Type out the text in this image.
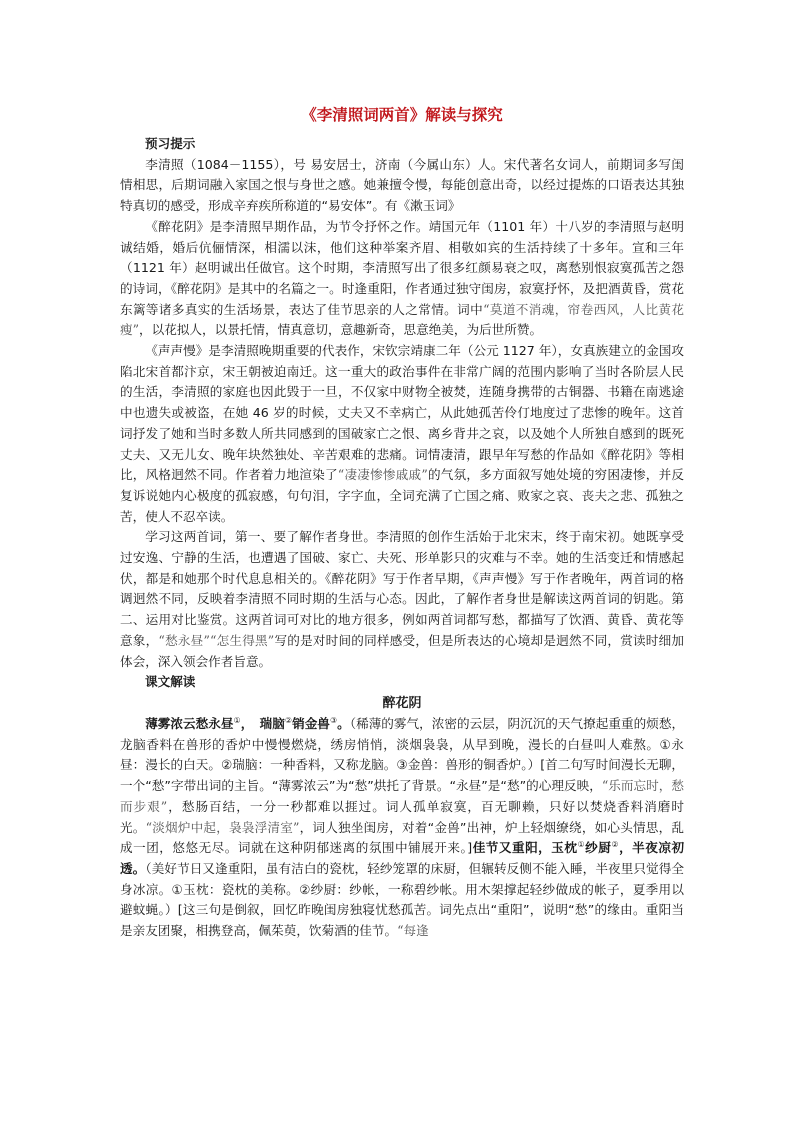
《李清照词两首》解读与探究

预习提示

李清照（1084－1155），号 易安居士，济南（今属山东）人。宋代著名女词人，前期词多写闺情相思，后期词融入家国之恨与身世之感。她兼擅令慢，每能创意出奇，以经过提炼的口语表达其独特真切的感受，形成辛弃疾所称道的“易安体”。有《漱玉词》

《醉花阴》是李清照早期作品，为节令抒怀之作。靖国元年（1101 年）十八岁的李清照与赵明诚结婚，婚后伉俪情深，相濡以沫，他们这种举案齐眉、相敬如宾的生活持续了十多年。宣和三年（1121 年）赵明诚出任做官。这个时期，李清照写出了很多红颜易衰之叹，离愁别恨寂寞孤苦之怨的诗词，《醉花阴》是其中的名篇之一。时逢重阳，作者通过独守闺房，寂寞抒怀，及把酒黄昏，赏花东篱等诸多真实的生活场景，表达了佳节思亲的人之常情。词中“莫道不消魂，帘卷西风，人比黄花瘦”，以花拟人，以景托情，情真意切，意趣新奇，思意绝美，为后世所赞。

《声声慢》是李清照晚期重要的代表作，宋钦宗靖康二年（公元 1127 年），女真族建立的金国攻陷北宋首都汴京，宋王朝被迫南迁。这一重大的政治事件在非常广阔的范围内影响了当时各阶层人民的生活，李清照的家庭也因此毁于一旦，不仅家中财物全被焚，连随身携带的古铜器、书籍在南逃途中也遗失或被盗，在她 46 岁的时候，丈夫又不幸病亡，从此她孤苦伶仃地度过了悲惨的晚年。这首词抒发了她和当时多数人所共同感到的国破家亡之恨、离乡背井之哀，以及她个人所独自感到的既死丈夫、又无儿女、晚年块然独处、辛苦艰难的悲痛。词情凄清，跟早年写愁的作品如《醉花阴》等相比，风格迥然不同。作者着力地渲染了“凄凄惨惨戚戚”的气氛，多方面叙写她处境的穷困凄惨，并反复诉说她内心极度的孤寂感，句句泪，字字血，全词充满了亡国之痛、败家之哀、丧夫之悲、孤独之苦，使人不忍卒读。

学习这两首词，第一、要了解作者身世。李清照的创作生活始于北宋末，终于南宋初。她既享受过安逸、宁静的生活，也遭遇了国破、家亡、夫死、形单影只的灾难与不幸。她的生活变迁和情感起伏，都是和她那个时代息息相关的。《醉花阴》写于作者早期，《声声慢》写于作者晚年，两首词的格调迥然不同，反映着李清照不同时期的生活与心态。因此，了解作者身世是解读这两首词的钥匙。第二、运用对比鉴赏。这两首词可对比的地方很多，例如两首词都写愁，都描写了饮酒、黄昏、黄花等意象，“愁永昼”“怎生得黑”写的是对时间的同样感受，但是所表达的心境却是迥然不同，赏读时细加体会，深入领会作者旨意。

课文解读

醉花阴

薄雾浓云愁永昼①，　瑞脑②销金兽③。（稀薄的雾气，浓密的云层，阴沉沉的天气撩起重重的烦愁，龙脑香料在兽形的香炉中慢慢燃烧，绣房悄悄，淡烟袅袅，从早到晚，漫长的白昼叫人难熬。①永昼：漫长的白天。②瑞脑：一种香料，又称龙脑。③金兽：兽形的铜香炉。）[首二句写时间漫长无聊，一个“愁”字带出词的主旨。“薄雾浓云”为“愁”烘托了背景。“永昼”是“愁”的心理反映，“乐而忘时，愁而步艰”，愁肠百结，一分一秒都难以捱过。词人孤单寂寞，百无聊赖，只好以焚烧香料消磨时光。“淡烟炉中起，袅袅浮清室”，词人独坐闺房，对着“金兽”出神，炉上轻烟缭绕，如心头情思，乱成一团，悠悠无尽。词就在这种阴郁迷离的氛围中铺展开来。]佳节又重阳，玉枕①纱厨②，半夜凉初透。（美好节日又逢重阳，虽有洁白的瓷枕，轻纱笼罩的床厨，但辗转反侧不能入睡，半夜里只觉得全身冰凉。①玉枕：瓷枕的美称。②纱厨：纱帐，一称碧纱帐。用木架撑起轻纱做成的帐子，夏季用以避蚊蝇。）[这三句是倒叙，回忆昨晚闺房独寝忧愁孤苦。词先点出“重阳”，说明“愁”的缘由。重阳当是亲友团聚，相携登高，佩茱萸，饮菊酒的佳节。“每逢
